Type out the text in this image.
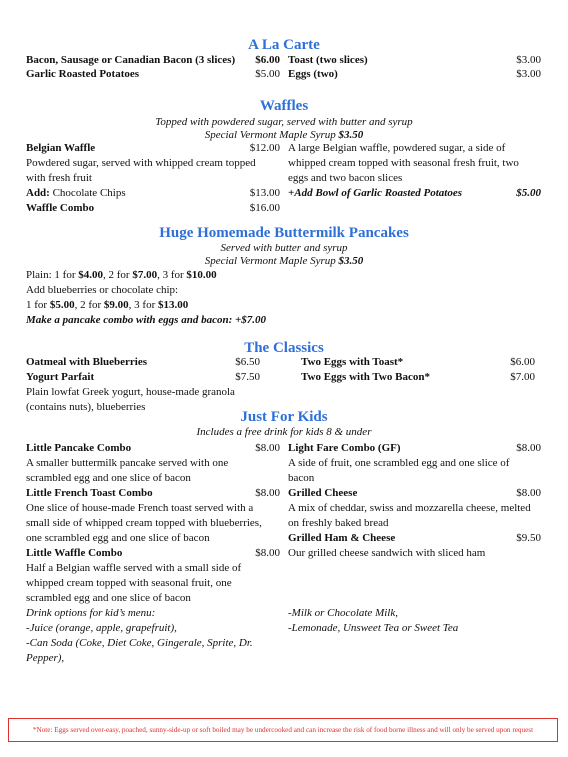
A La Carte
Bacon, Sausage or Canadian Bacon (3 slices) $6.00
Garlic Roasted Potatoes	$5.00
Toast (two slices)	$3.00
Eggs (two)	$3.00
Waffles
Topped with powdered sugar, served with butter and syrup
Special Vermont Maple Syrup $3.50
Belgian Waffle	$12.00
Powdered sugar, served with whipped cream topped
with fresh fruit
Add: Chocolate Chips	$13.00
Waffle Combo	$16.00
A large Belgian waffle, powdered sugar, a side of
whipped cream topped with seasonal fresh fruit, two
eggs and two bacon slices
+Add Bowl of Garlic Roasted Potatoes	$5.00
Huge Homemade Buttermilk Pancakes
Served with butter and syrup
Special Vermont Maple Syrup $3.50
Plain: 1 for $4.00, 2 for $7.00, 3 for $10.00
Add blueberries or chocolate chip:
1 for $5.00, 2 for $9.00, 3 for $13.00
Make a pancake combo with eggs and bacon: +$7.00
The Classics
Oatmeal with Blueberries	$6.50
Yogurt Parfait	$7.50
Plain lowfat Greek yogurt, house-made granola
(contains nuts), blueberries
Two Eggs with Toast*	$6.00
Two Eggs with Two Bacon*	$7.00
Just For Kids
Includes a free drink for kids 8 & under
Little Pancake Combo	$8.00
A smaller buttermilk pancake served with one
scrambled egg and one slice of bacon
Little French Toast Combo	$8.00
One slice of house-made French toast served with a
small side of whipped cream topped with blueberries,
one scrambled egg and one slice of bacon
Little Waffle Combo	$8.00
Half a Belgian waffle served with a small side of
whipped cream topped with seasonal fruit, one
scrambled egg and one slice of bacon
Drink options for kid’s menu:
-Juice (orange, apple, grapefruit),
-Can Soda (Coke, Diet Coke, Gingerale, Sprite, Dr.
Pepper),
Light Fare Combo (GF)	$8.00
A side of fruit, one scrambled egg and one slice of
bacon
Grilled Cheese	$8.00
A mix of cheddar, swiss and mozzarella cheese, melted
on freshly baked bread
Grilled Ham & Cheese	$9.50
Our grilled cheese sandwich with sliced ham
-Milk or Chocolate Milk,
-Lemonade, Unsweet Tea or Sweet Tea
*Note: Eggs served over-easy, poached, sunny-side-up or soft boiled may be undercooked and can increase the risk of food borne illness and will only be served upon request
